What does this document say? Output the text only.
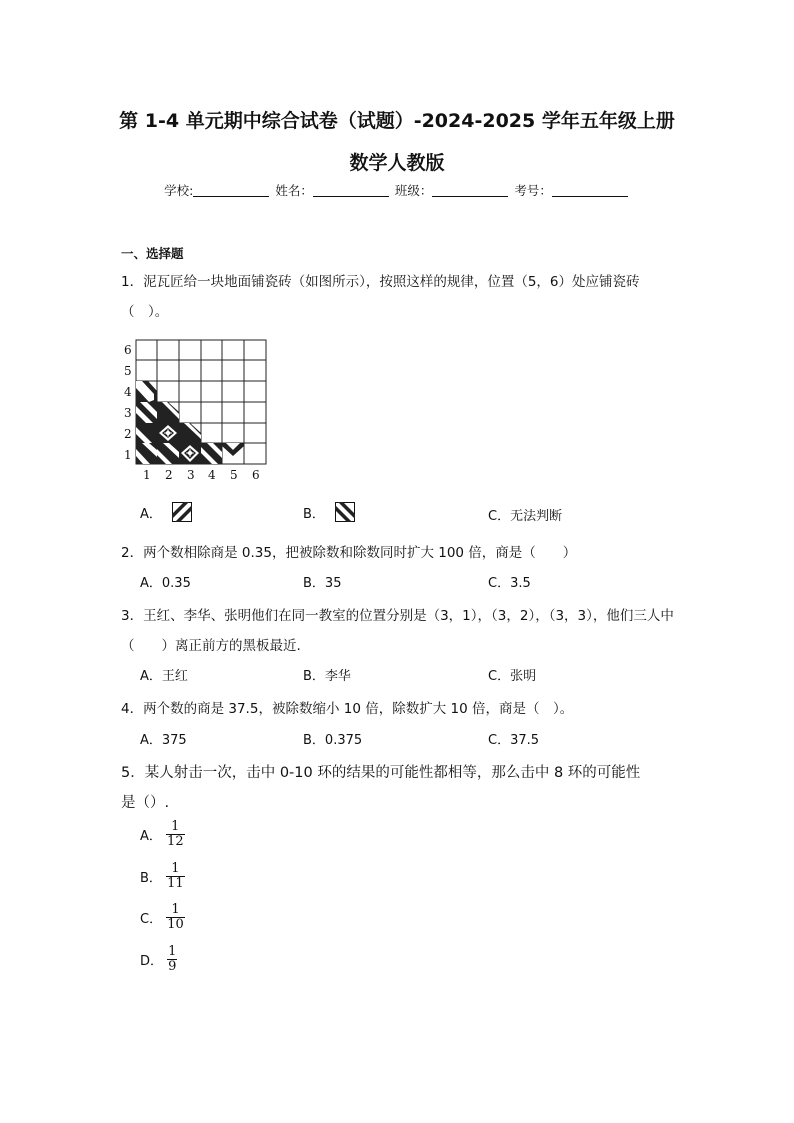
第 1-4 单元期中综合试卷（试题）-2024-2025 学年五年级上册
数学人教版
学校:	姓名：	班级：	考号：
一、选择题
1．泥瓦匠给一块地面铺瓷砖（如图所示），按照这样的规律，位置（5，6）处应铺瓷砖
（　）。
6
5
4
3
2
1
1 2 3 4 5 6
A．	B．	C．无法判断
2．两个数相除商是 0.35，把被除数和除数同时扩大 100 倍，商是（　　）
A．0.35	B．35	C．3.5
3．王红、李华、张明他们在同一教室的位置分别是（3，1），（3，2），（3，3），他们三人中
（　　）离正前方的黑板最近.
A．王红	B．李华	C．张明
4．两个数的商是 37.5，被除数缩小 10 倍，除数扩大 10 倍，商是（　）。
A．375	B．0.375	C．37.5
5．某人射击一次，击中 0-10 环的结果的可能性都相等，那么击中 8 环的可能性
是（）.
A． $\frac{1}{12}$
B． $\frac{1}{11}$
C． $\frac{1}{10}$
D． $\frac{1}{9}$
